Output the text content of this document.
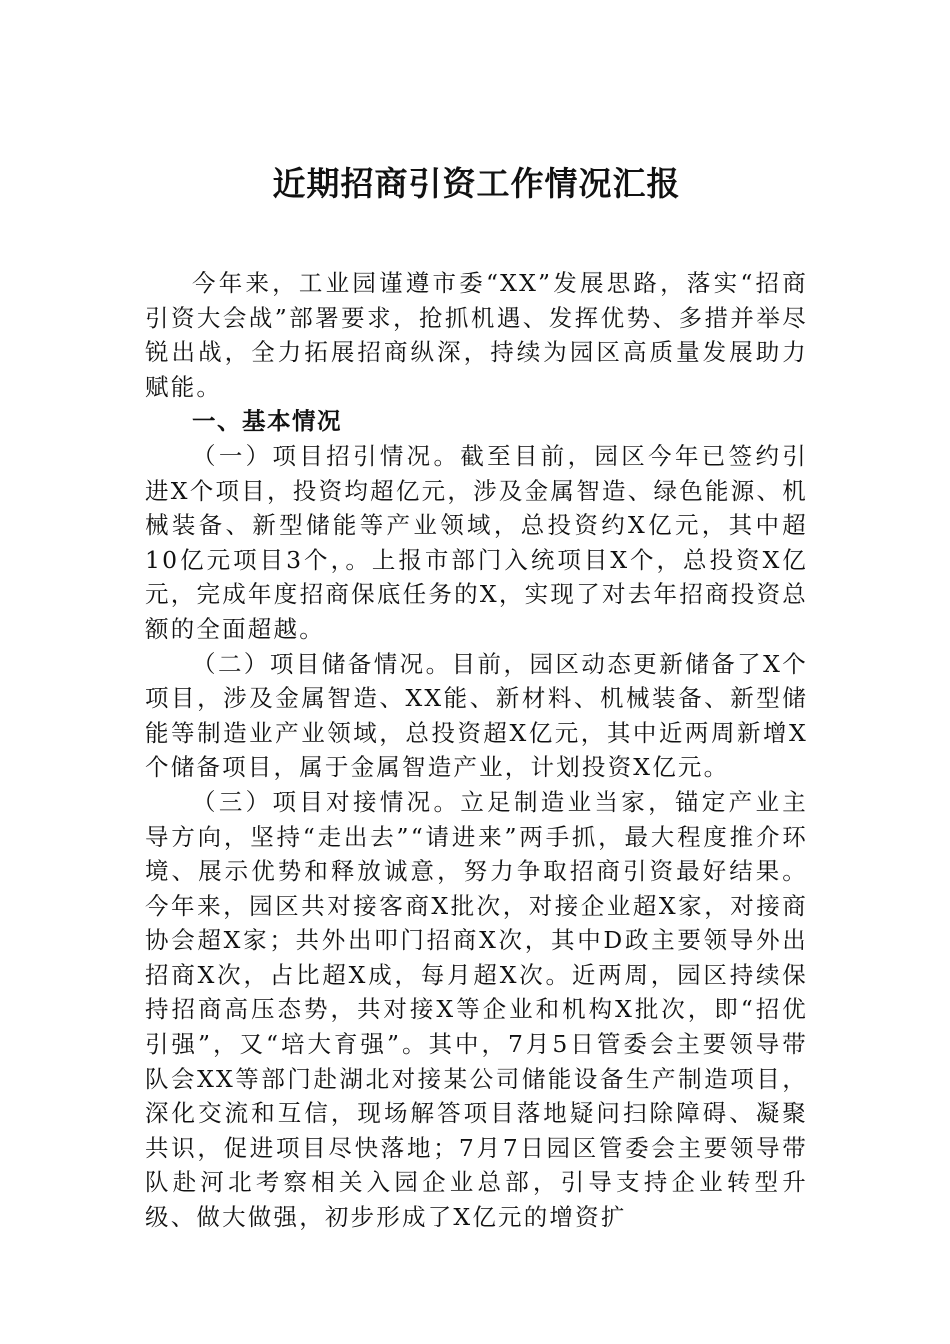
近期招商引资工作情况汇报

今年来，工业园谨遵市委“XX”发展思路，落实“招商引资大会战”部署要求，抢抓机遇、发挥优势、多措并举尽锐出战，全力拓展招商纵深，持续为园区高质量发展助力赋能。

一、基本情况

（一）项目招引情况。截至目前，园区今年已签约引进X个项目，投资均超亿元，涉及金属智造、绿色能源、机械装备、新型储能等产业领域，总投资约X亿元，其中超10亿元项目3个，。上报市部门入统项目X个，总投资X亿元，完成年度招商保底任务的X，实现了对去年招商投资总额的全面超越。

（二）项目储备情况。目前，园区动态更新储备了X个项目，涉及金属智造、XX能、新材料、机械装备、新型储能等制造业产业领域，总投资超X亿元，其中近两周新增X个储备项目，属于金属智造产业，计划投资X亿元。

（三）项目对接情况。立足制造业当家，锚定产业主导方向，坚持“走出去”“请进来”两手抓，最大程度推介环境、展示优势和释放诚意，努力争取招商引资最好结果。今年来，园区共对接客商X批次，对接企业超X家，对接商协会超X家；共外出叩门招商X次，其中D政主要领导外出招商X次，占比超X成，每月超X次。近两周，园区持续保持招商高压态势，共对接X等企业和机构X批次，即“招优引强”，又“培大育强”。其中，7月5日管委会主要领导带队会XX等部门赴湖北对接某公司储能设备生产制造项目，深化交流和互信，现场解答项目落地疑问扫除障碍、凝聚共识，促进项目尽快落地；7月7日园区管委会主要领导带队赴河北考察相关入园企业总部，引导支持企业转型升级、做大做强，初步形成了X亿元的增资扩
